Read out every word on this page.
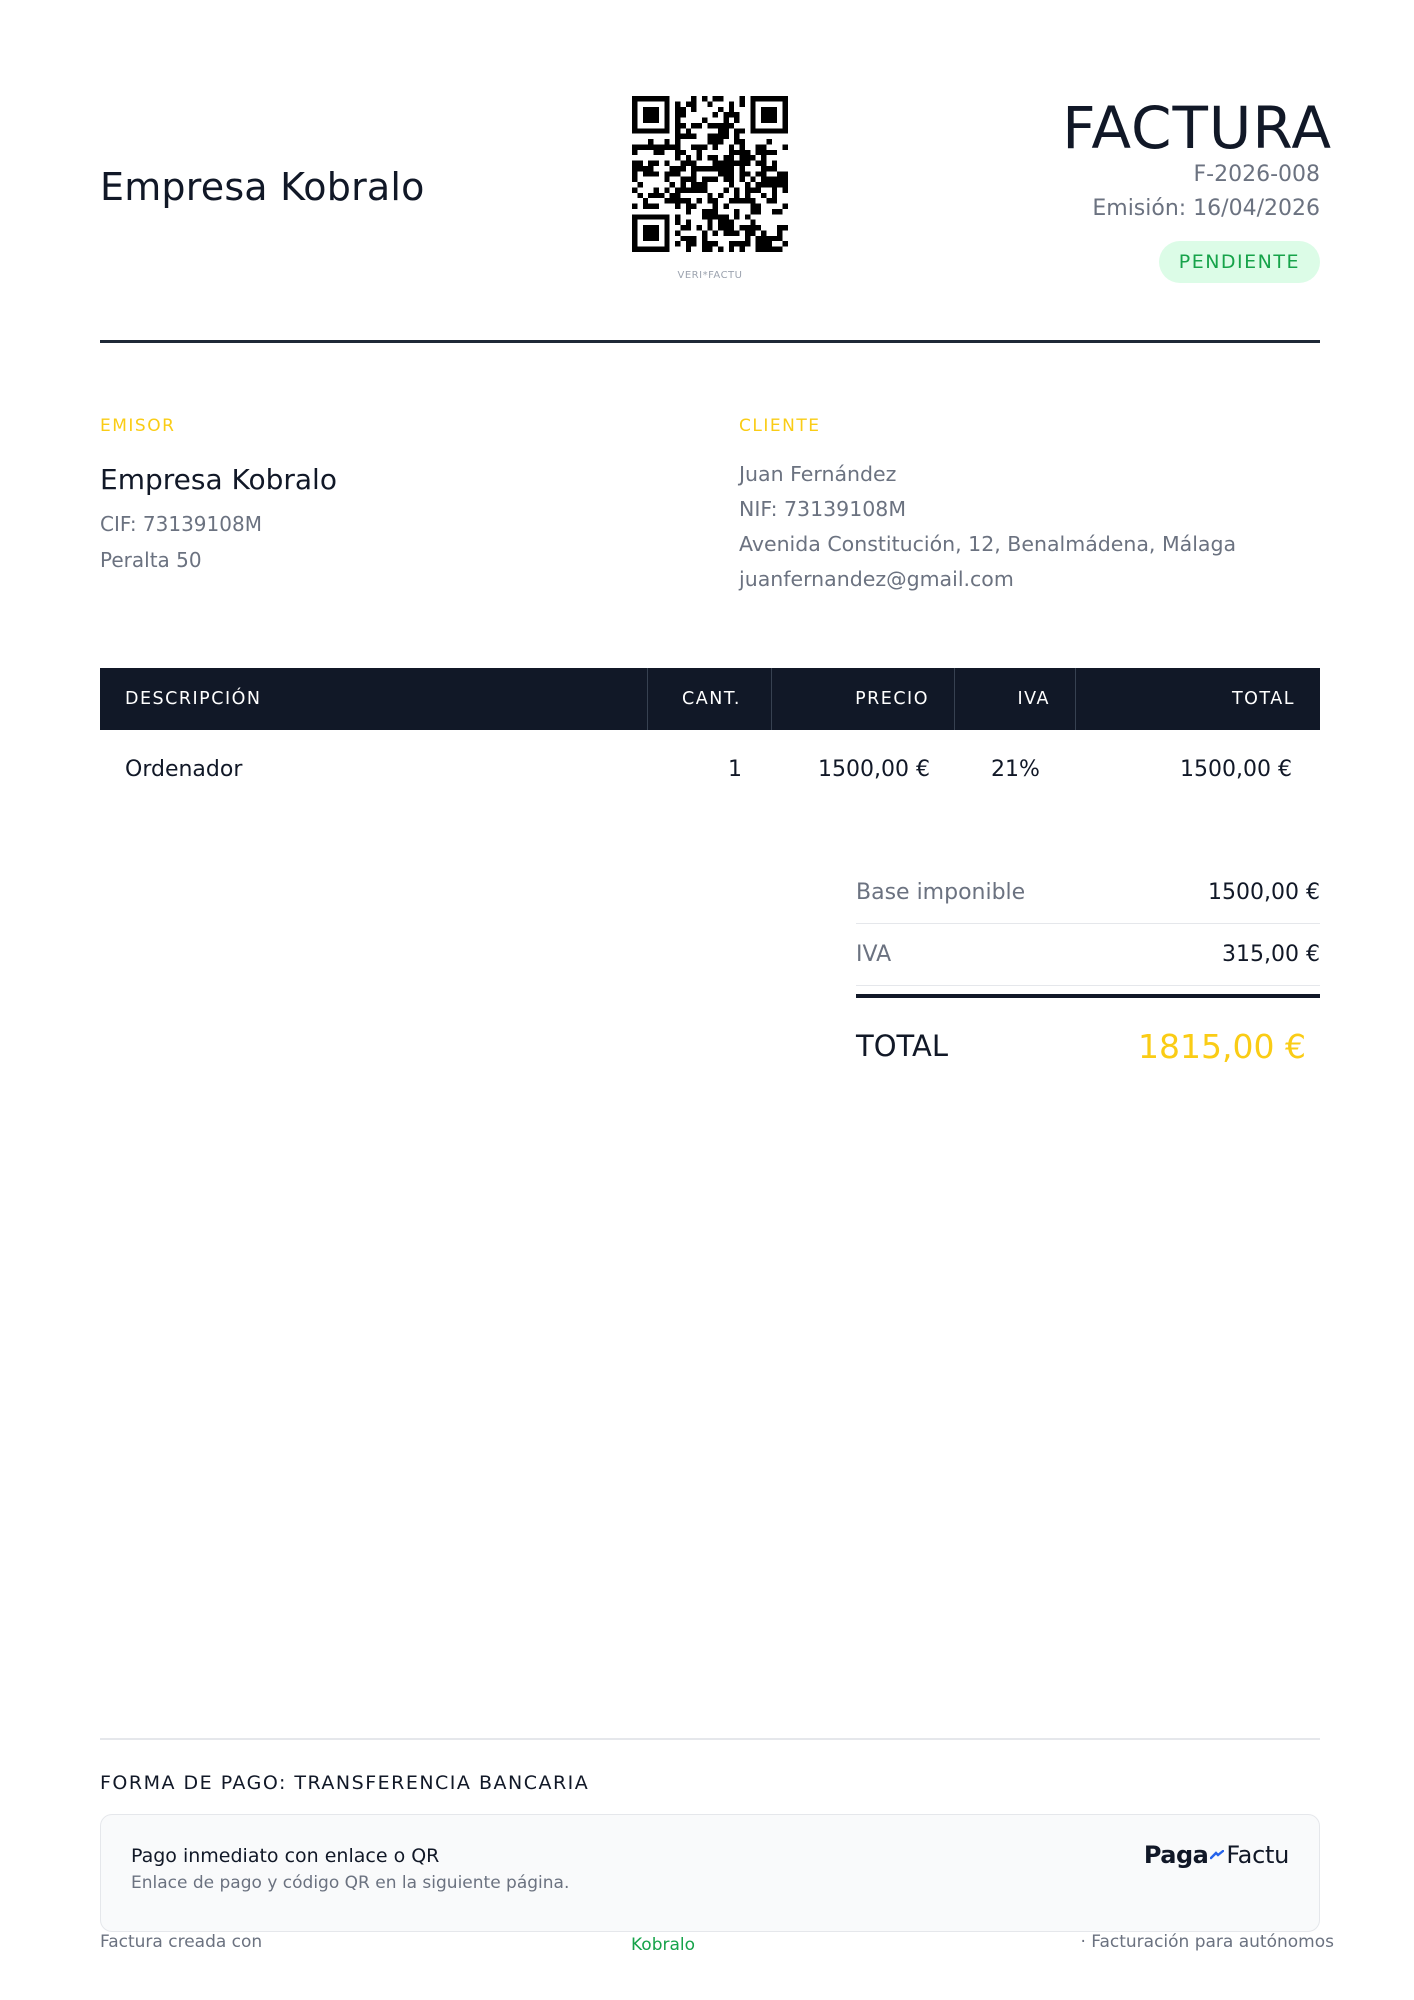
Empresa Kobralo
VERI*FACTU
FACTURA
F-2026-008
Emisión: 16/04/2026
PENDIENTE
EMISOR
Empresa Kobralo
CIF: 73139108M
Peralta 50
CLIENTE
Juan Fernández
NIF: 73139108M
Avenida Constitución, 12, Benalmádena, Málaga
juanfernandez@gmail.com
DESCRIPCIÓN	CANT.	PRECIO	IVA	TOTAL
Ordenador	1	1500,00 €	21%	1500,00 €
Base imponible	1500,00 €
IVA	315,00 €
TOTAL	1815,00 €
FORMA DE PAGO: TRANSFERENCIA BANCARIA
Pago inmediato con enlace o QR
Enlace de pago y código QR en la siguiente página.
Paga Factu
Factura creada con	Kobralo	· Facturación para autónomos
